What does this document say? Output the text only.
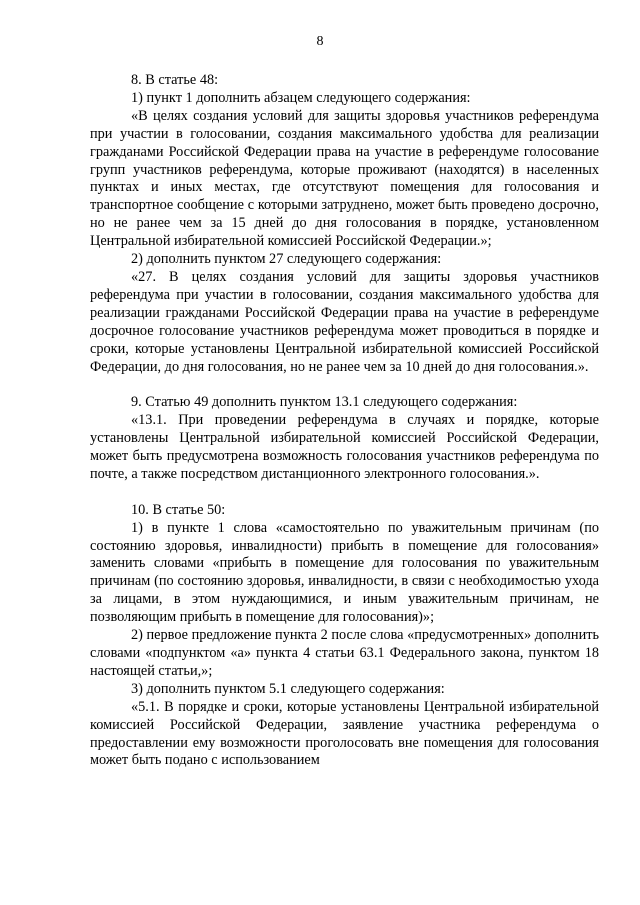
8

8. В статье 48:

1) пункт 1 дополнить абзацем следующего содержания:

«В целях создания условий для защиты здоровья участников референдума при участии в голосовании, создания максимального удобства для реализации гражданами Российской Федерации права на участие в референдуме голосование групп участников референдума, которые проживают (находятся) в населенных пунктах и иных местах, где отсутствуют помещения для голосования и транспортное сообщение с которыми затруднено, может быть проведено досрочно, но не ранее чем за 15 дней до дня голосования в порядке, установленном Центральной избирательной комиссией Российской Федерации.»;

2) дополнить пунктом 27 следующего содержания:

«27. В целях создания условий для защиты здоровья участников референдума при участии в голосовании, создания максимального удобства для реализации гражданами Российской Федерации права на участие в референдуме досрочное голосование участников референдума может проводиться в порядке и сроки, которые установлены Центральной избирательной комиссией Российской Федерации, до дня голосования, но не ранее чем за 10 дней до дня голосования.».

9. Статью 49 дополнить пунктом 13.1 следующего содержания:

«13.1. При проведении референдума в случаях и порядке, которые установлены Центральной избирательной комиссией Российской Федерации, может быть предусмотрена возможность голосования участников референдума по почте, а также посредством дистанционного электронного голосования.».

10. В статье 50:

1) в пункте 1 слова «самостоятельно по уважительным причинам (по состоянию здоровья, инвалидности) прибыть в помещение для голосования» заменить словами «прибыть в помещение для голосования по уважительным причинам (по состоянию здоровья, инвалидности, в связи с необходимостью ухода за лицами, в этом нуждающимися, и иным уважительным причинам, не позволяющим прибыть в помещение для голосования)»;

2) первое предложение пункта 2 после слова «предусмотренных» дополнить словами «подпунктом «а» пункта 4 статьи 63.1 Федерального закона, пунктом 18 настоящей статьи,»;

3) дополнить пунктом 5.1 следующего содержания:

«5.1. В порядке и сроки, которые установлены Центральной избирательной комиссией Российской Федерации, заявление участника референдума о предоставлении ему возможности проголосовать вне помещения для голосования может быть подано с использованием
